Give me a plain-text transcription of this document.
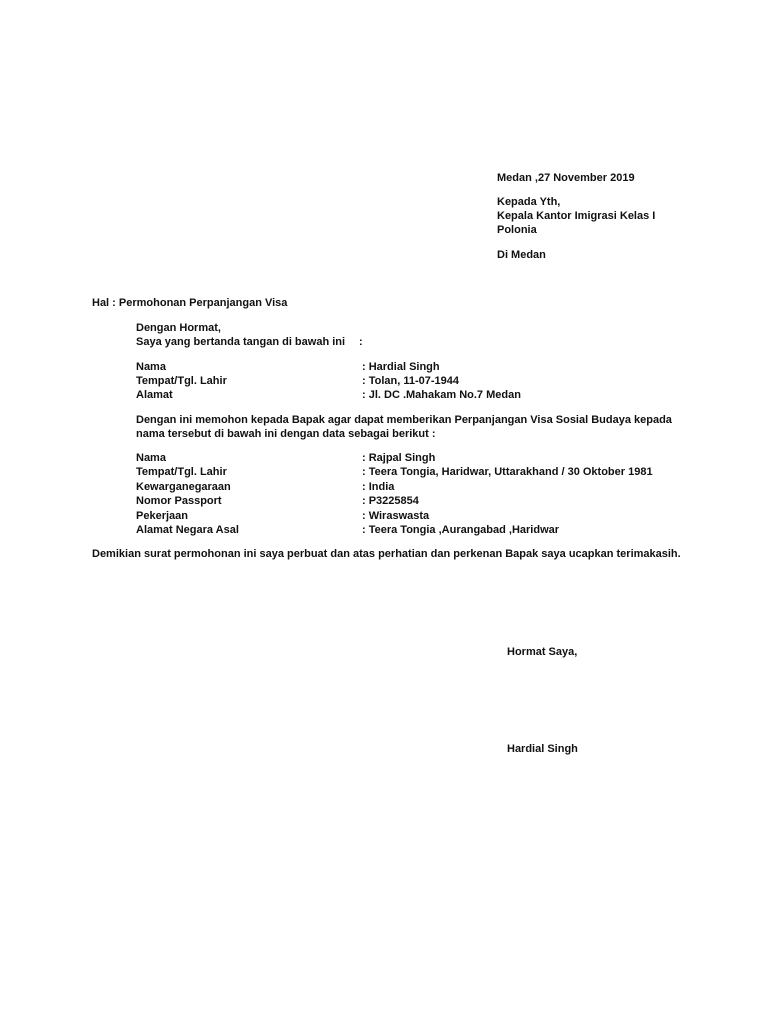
Medan ,27 November 2019
Kepada Yth,
Kepala Kantor Imigrasi Kelas I
Polonia
Di Medan
Hal : Permohonan Perpanjangan Visa
Dengan Hormat,
Saya yang bertanda tangan di bawah ini :
Nama	: Hardial Singh
Tempat/Tgl. Lahir	: Tolan, 11-07-1944
Alamat	: Jl. DC .Mahakam No.7 Medan
Dengan ini memohon kepada Bapak agar dapat memberikan Perpanjangan Visa Sosial Budaya kepada
nama tersebut di bawah ini dengan data sebagai berikut :
Nama	: Rajpal Singh
Tempat/Tgl. Lahir	: Teera Tongia, Haridwar, Uttarakhand / 30 Oktober 1981
Kewarganegaraan	: India
Nomor Passport	: P3225854
Pekerjaan	: Wiraswasta
Alamat Negara Asal	: Teera Tongia ,Aurangabad ,Haridwar
Demikian surat permohonan ini saya perbuat dan atas perhatian dan perkenan Bapak saya ucapkan terimakasih.
Hormat Saya,
Hardial Singh
